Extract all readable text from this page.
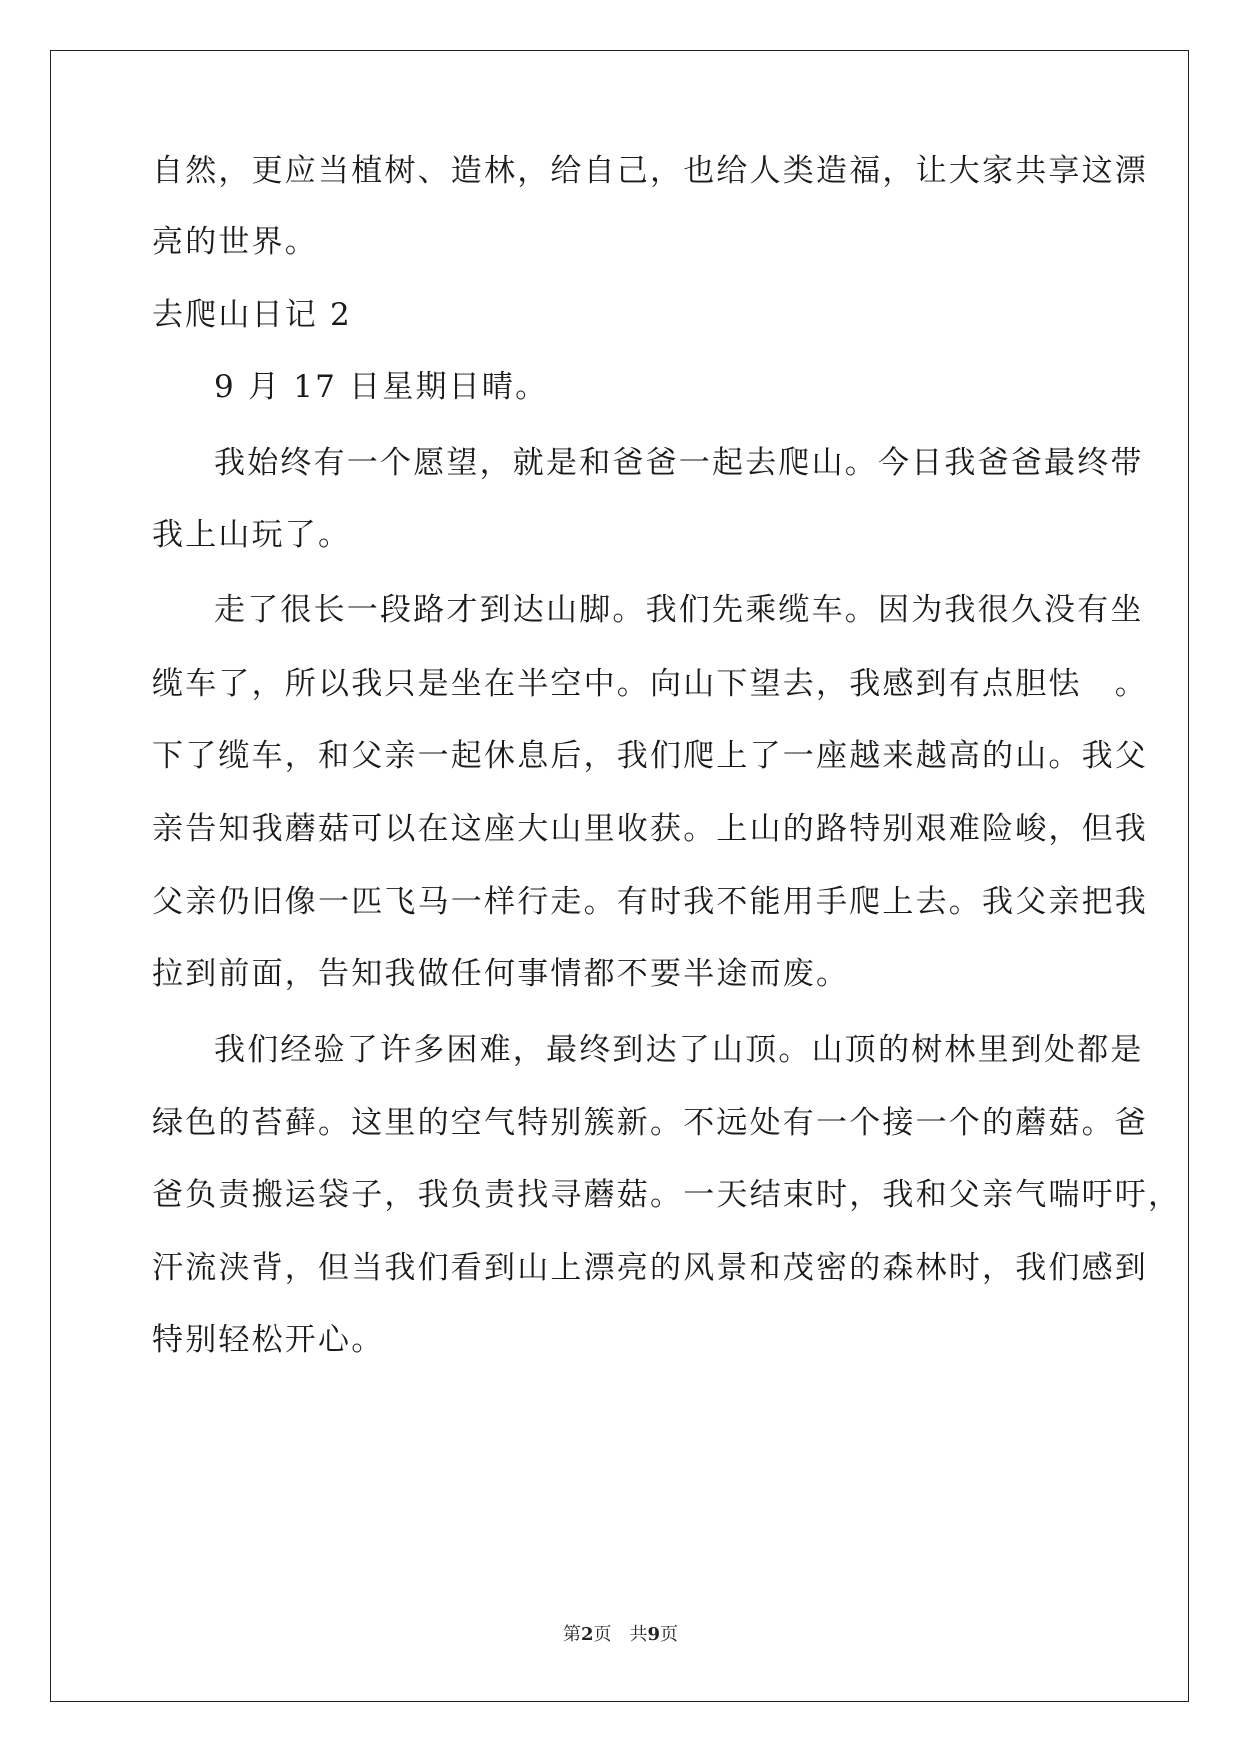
自然，更应当植树、造林，给自己，也给人类造福，让大家共享这漂
亮的世界。
去爬山日记 2
9 月 17 日星期日晴。
我始终有一个愿望，就是和爸爸一起去爬山。今日我爸爸最终带
我上山玩了。
走了很长一段路才到达山脚。我们先乘缆车。因为我很久没有坐
缆车了，所以我只是坐在半空中。向山下望去，我感到有点胆怯　。
下了缆车，和父亲一起休息后，我们爬上了一座越来越高的山。我父
亲告知我蘑菇可以在这座大山里收获。上山的路特别艰难险峻，但我
父亲仍旧像一匹飞马一样行走。有时我不能用手爬上去。我父亲把我
拉到前面，告知我做任何事情都不要半途而废。
我们经验了许多困难，最终到达了山顶。山顶的树林里到处都是
绿色的苔藓。这里的空气特别簇新。不远处有一个接一个的蘑菇。爸
爸负责搬运袋子，我负责找寻蘑菇。一天结束时，我和父亲气喘吁吁，
汗流浃背，但当我们看到山上漂亮的风景和茂密的森林时，我们感到
特别轻松开心。
第2页 共9页
